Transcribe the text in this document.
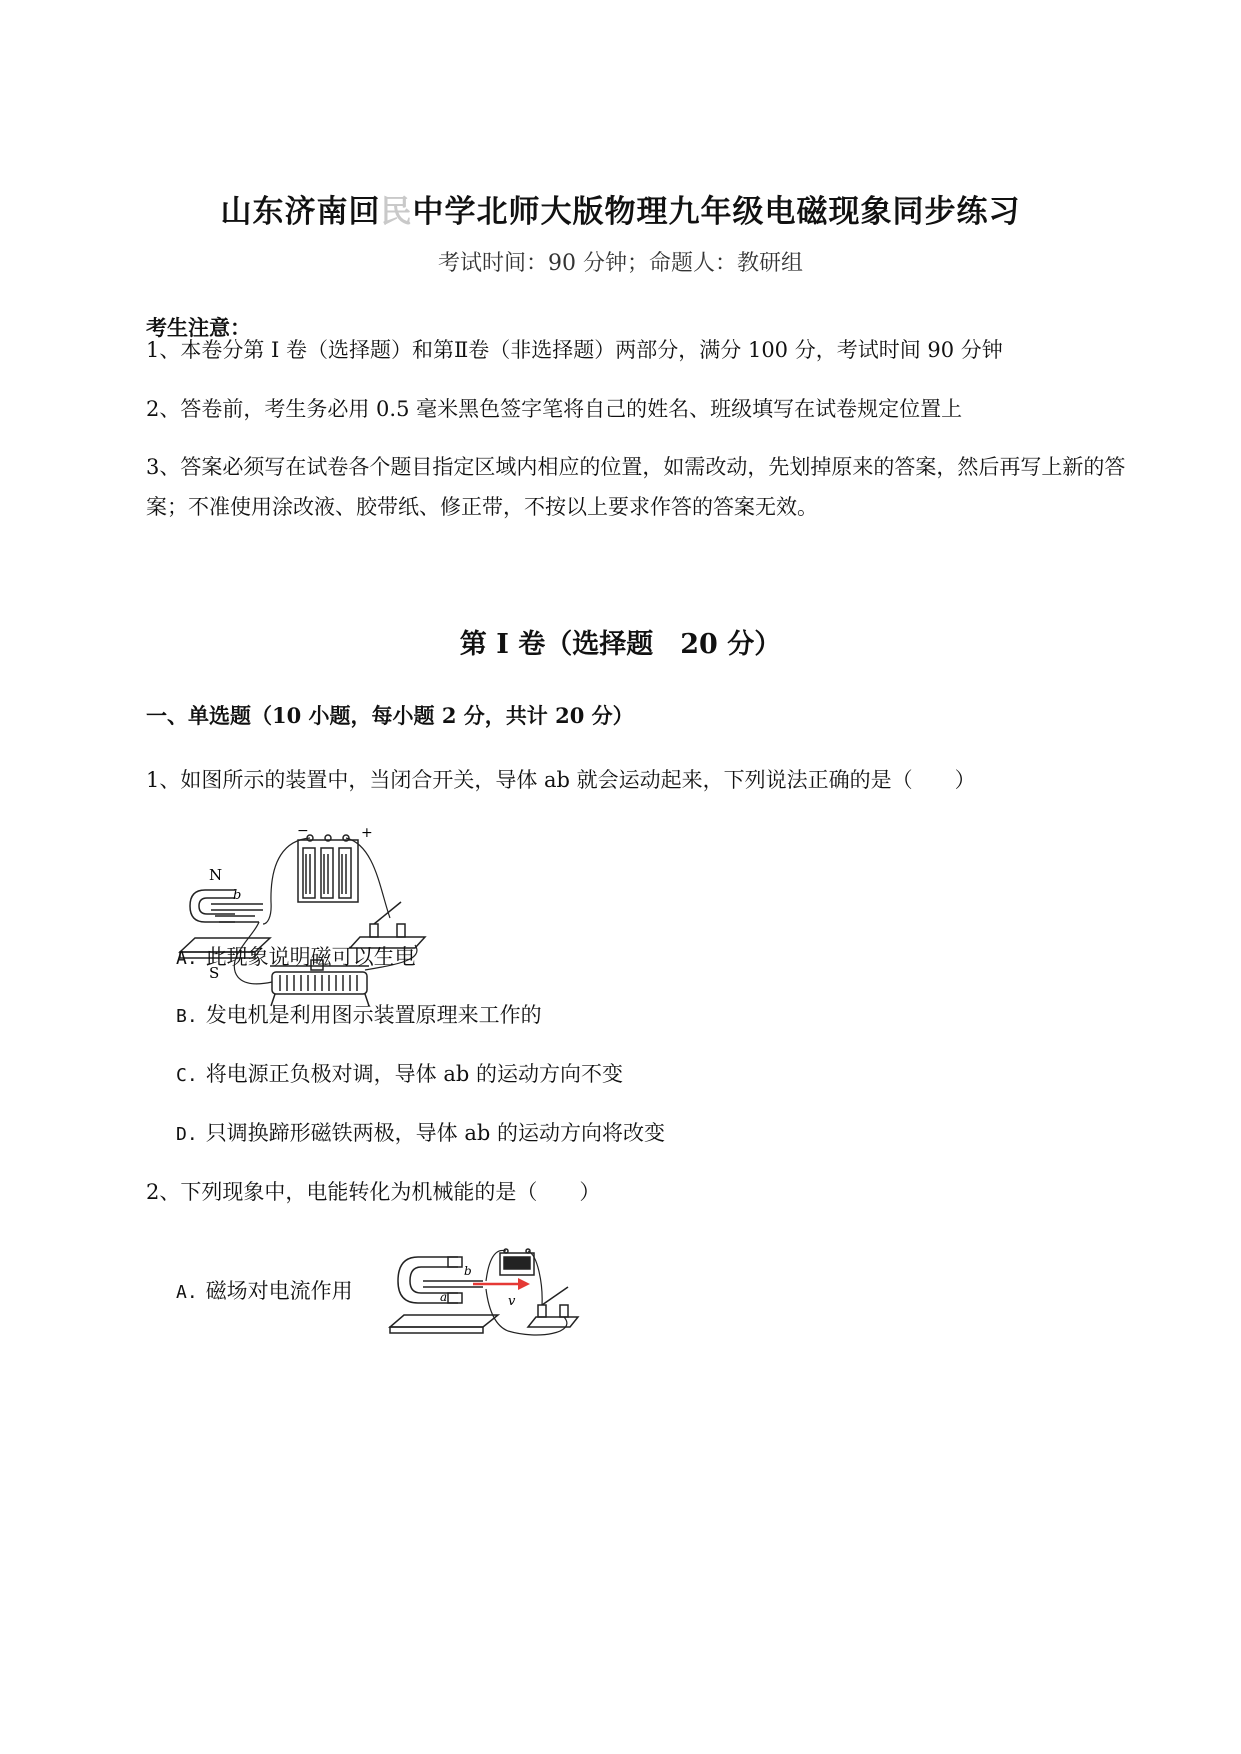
山东济南回民中学北师大版物理九年级电磁现象同步练习
考试时间：90 分钟；命题人：教研组
考生注意：
1、本卷分第 I 卷（选择题）和第Ⅱ卷（非选择题）两部分，满分 100 分，考试时间 90 分钟
2、答卷前，考生务必用 0.5 毫米黑色签字笔将自己的姓名、班级填写在试卷规定位置上
3、答案必须写在试卷各个题目指定区域内相应的位置，如需改动，先划掉原来的答案，然后再写上新的答案；不准使用涂改液、胶带纸、修正带，不按以上要求作答的答案无效。
第 I 卷（选择题　20 分）
一、单选题（10 小题，每小题 2 分，共计 20 分）
1、如图所示的装置中，当闭合开关，导体 ab 就会运动起来，下列说法正确的是（　　）
−	+
N
b
S
A. 此现象说明磁可以生电
B. 发电机是利用图示装置原理来工作的
C. 将电源正负极对调，导体 ab 的运动方向不变
D. 只调换蹄形磁铁两极，导体 ab 的运动方向将改变
2、下列现象中，电能转化为机械能的是（　　）
A. 磁场对电流作用	a
b
v
